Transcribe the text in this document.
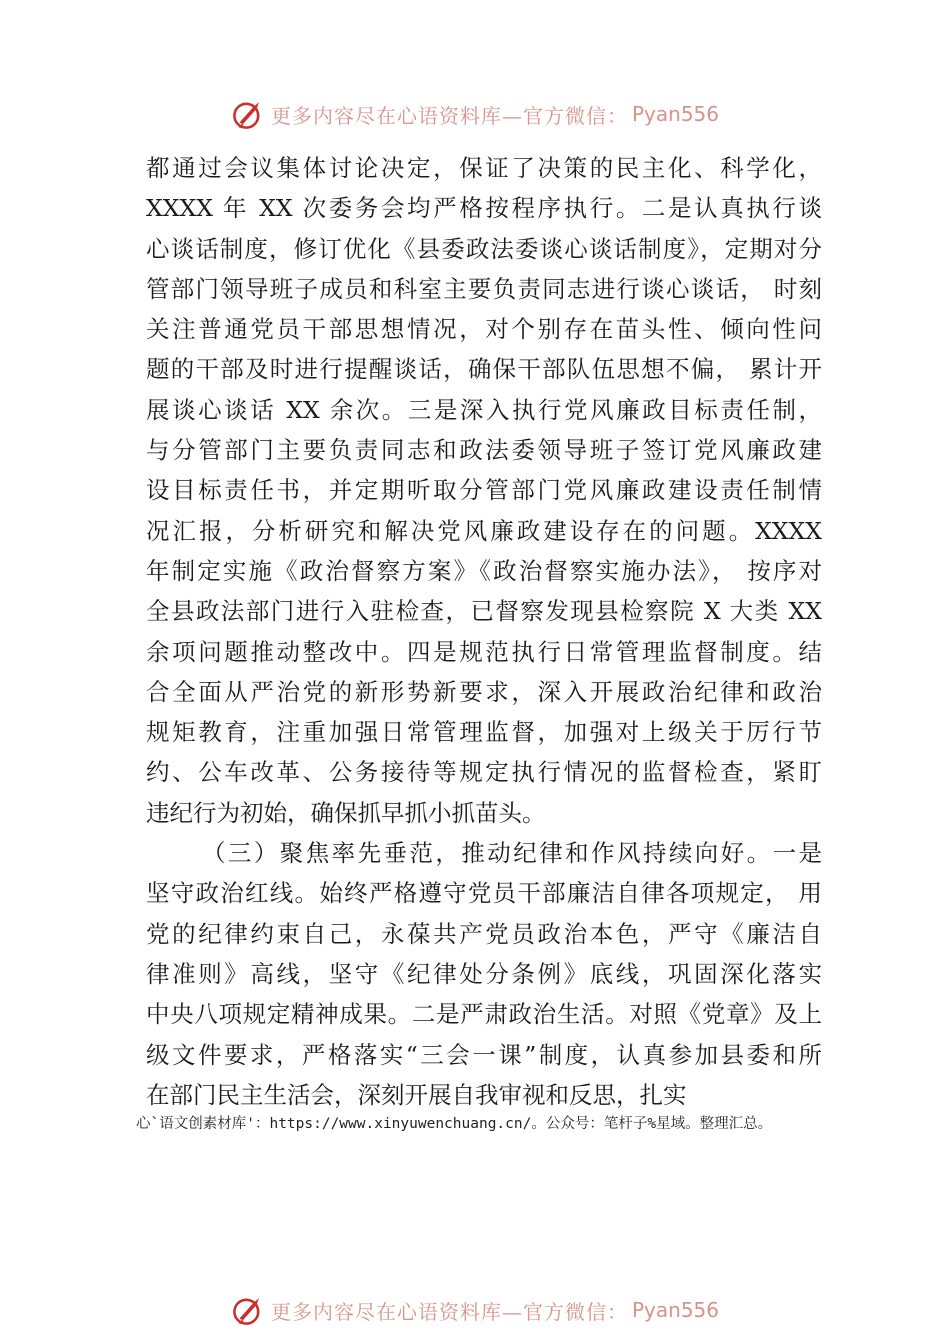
更多内容尽在心语资料库—官方微信： Pyan556
都通过会议集体讨论决定，保证了决策的民主化、科学化，
XXXX 年 XX 次委务会均严格按程序执行。二是认真执行谈
心谈话制度，修订优化《县委政法委谈心谈话制度》，定期对分
管部门领导班子成员和科室主要负责同志进行谈心谈话， 时刻
关注普通党员干部思想情况，对个别存在苗头性、倾向性问
题的干部及时进行提醒谈话，确保干部队伍思想不偏， 累计开
展谈心谈话 XX 余次。三是深入执行党风廉政目标责任制，
与分管部门主要负责同志和政法委领导班子签订党风廉政建
设目标责任书，并定期听取分管部门党风廉政建设责任制情
况汇报，分析研究和解决党风廉政建设存在的问题。XXXX
年制定实施《政治督察方案》《政治督察实施办法》， 按序对
全县政法部门进行入驻检查，已督察发现县检察院 X 大类 XX
余项问题推动整改中。四是规范执行日常管理监督制度。结
合全面从严治党的新形势新要求，深入开展政治纪律和政治
规矩教育，注重加强日常管理监督，加强对上级关于厉行节
约、公车改革、公务接待等规定执行情况的监督检查，紧盯
违纪行为初始，确保抓早抓小抓苗头。
（三）聚焦率先垂范，推动纪律和作风持续向好。一是
坚守政治红线。始终严格遵守党员干部廉洁自律各项规定， 用
党的纪律约束自己，永葆共产党员政治本色，严守《廉洁自
律准则》高线，坚守《纪律处分条例》底线，巩固深化落实
中央八项规定精神成果。二是严肃政治生活。对照《党章》及上
级文件要求，严格落实“三会一课”制度，认真参加县委和所
在部门民主生活会，深刻开展自我审视和反思，扎实
心`语文创素材库'：https://www.xinyuwenchuang.cn/。公众号：笔杆子%星域。整理汇总。
更多内容尽在心语资料库—官方微信： Pyan556
